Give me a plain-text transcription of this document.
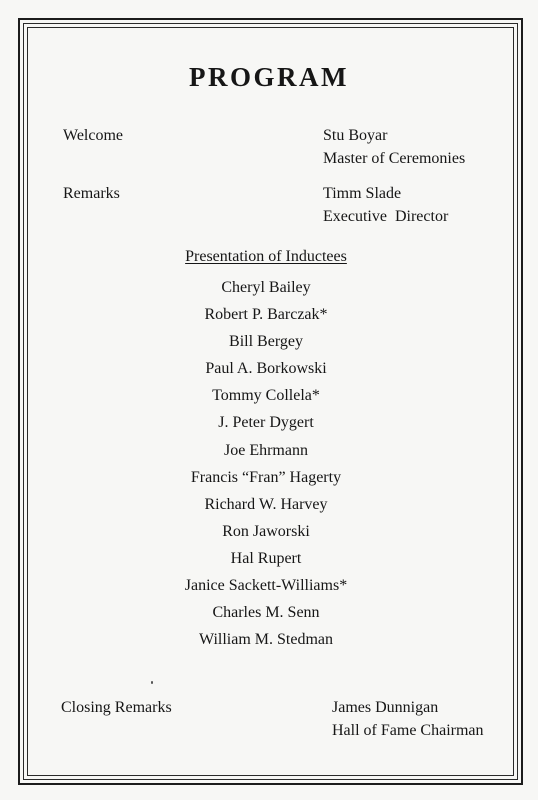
PROGRAM
Welcome	Stu Boyar
Master of Ceremonies
Remarks	Timm Slade
Executive  Director
Presentation of Inductees
Cheryl Bailey
Robert P. Barczak*
Bill Bergey
Paul A. Borkowski
Tommy Collela*
J. Peter Dygert
Joe Ehrmann
Francis “Fran” Hagerty
Richard W. Harvey
Ron Jaworski
Hal Rupert
Janice Sackett-Williams*
Charles M. Senn
William M. Stedman
Closing Remarks	James Dunnigan
Hall of Fame Chairman
